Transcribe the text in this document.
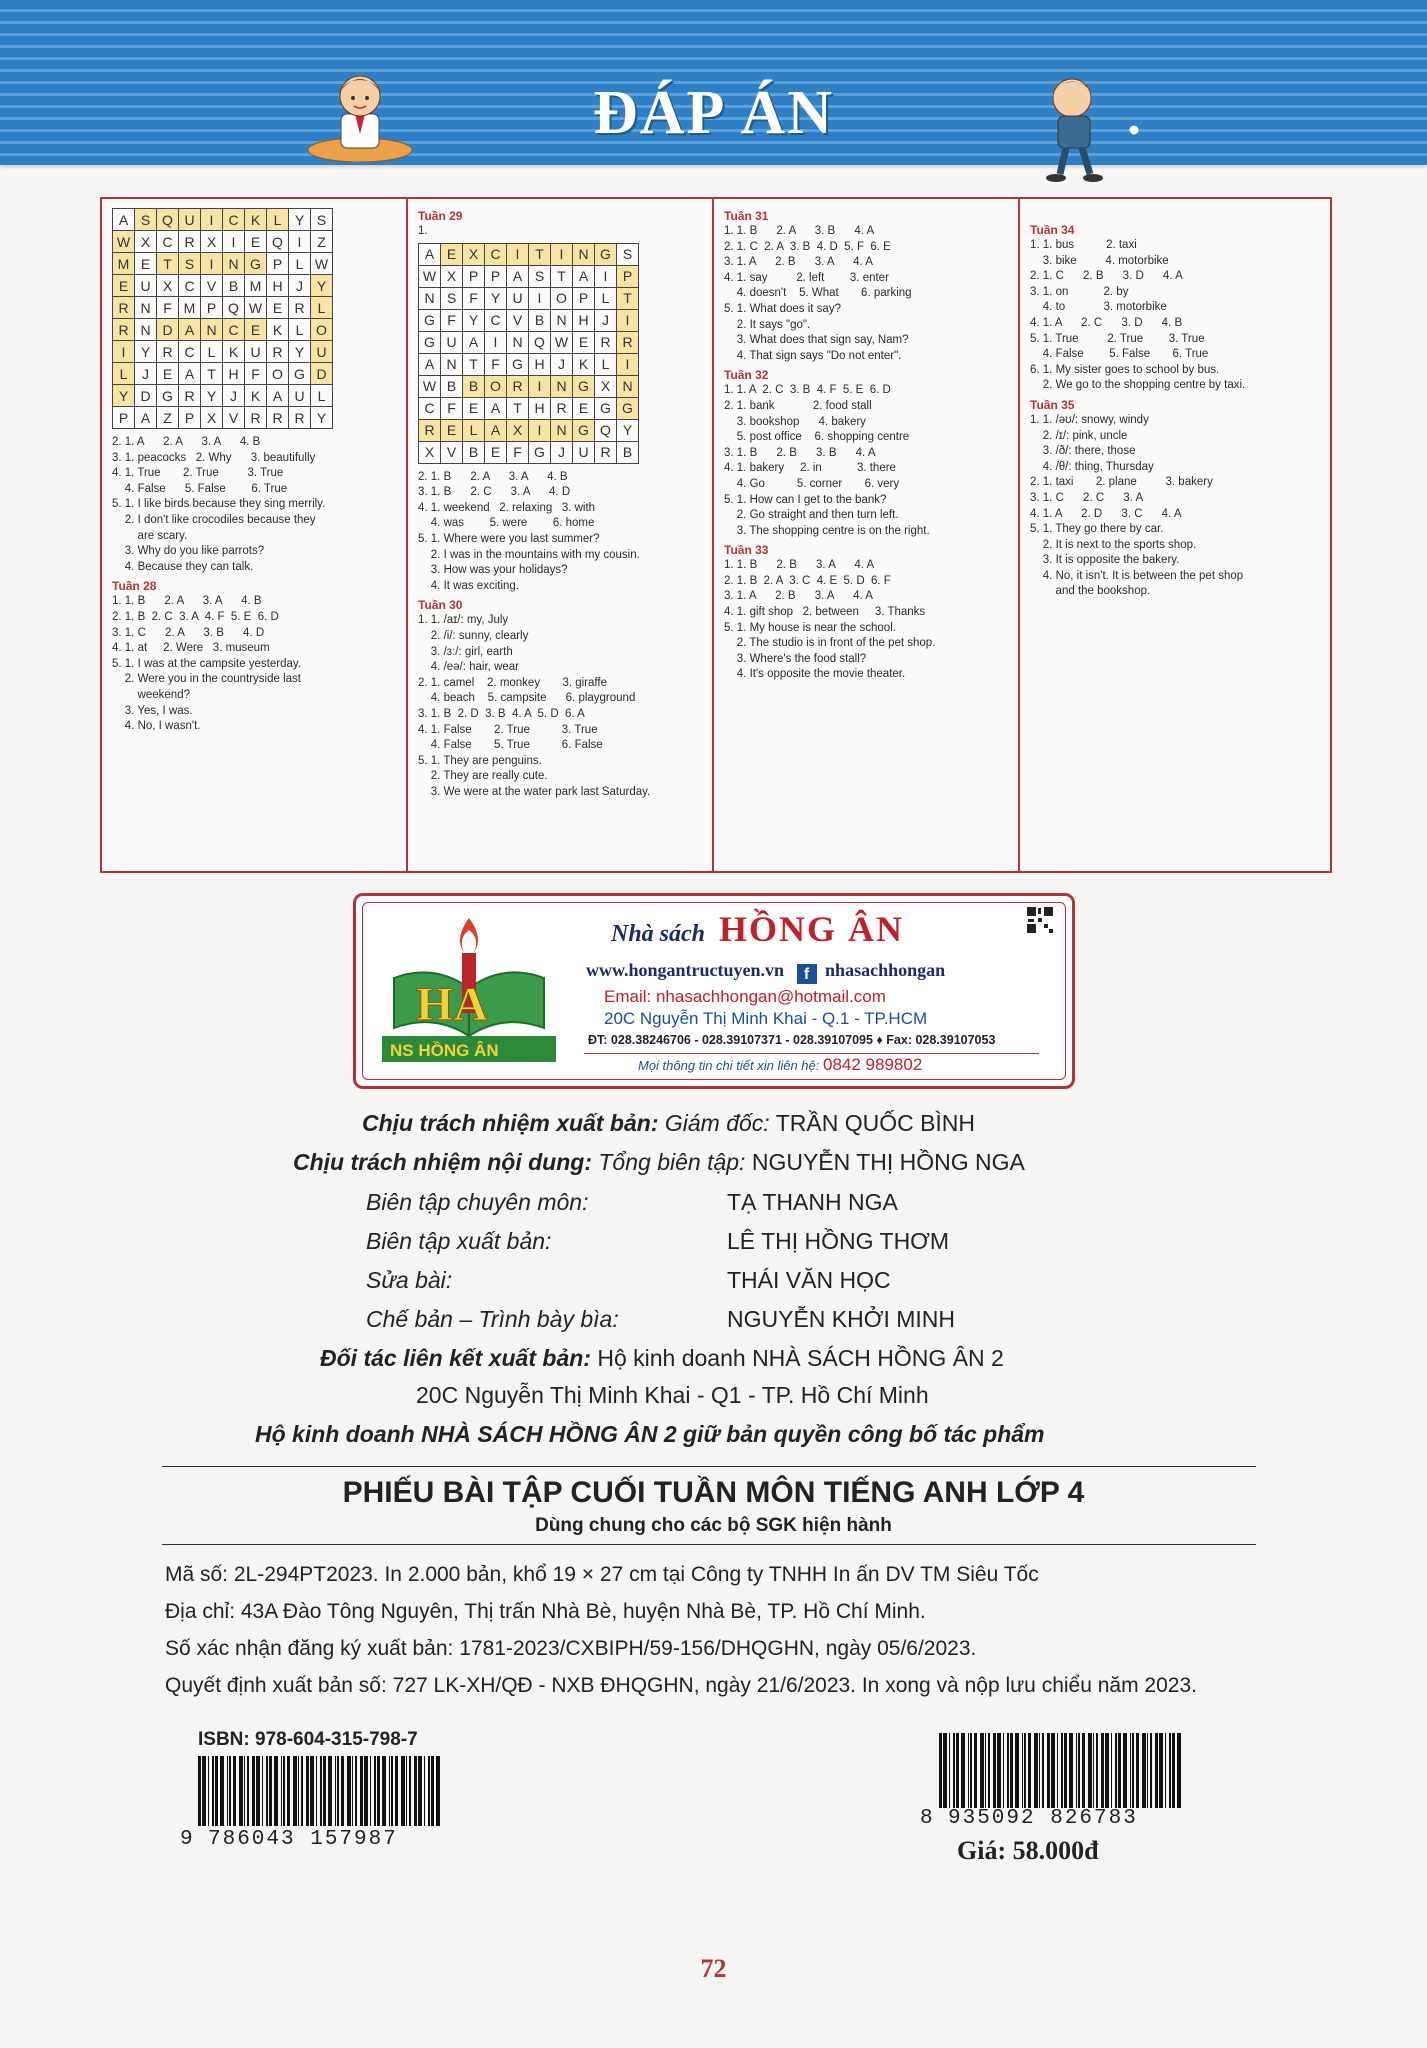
ĐÁP ÁN
A	S	Q	U	I	C	K	L	Y	S
W	X	C	R	X	I	E	Q	I	Z
M	E	T	S	I	N	G	P	L	W
E	U	X	C	V	B	M	H	J	Y
R	N	F	M	P	Q	W	E	R	L
R	N	D	A	N	C	E	K	L	O
I	Y	R	C	L	K	U	R	Y	U
L	J	E	A	T	H	F	O	G	D
Y	D	G	R	Y	J	K	A	U	L
P	A	Z	P	X	V	R	R	R	Y
2. 1. A      2. A      3. A      4. B
3. 1. peacocks   2. Why      3. beautifully
4. 1. True       2. True         3. True
4. False      5. False        6. True
5. 1. I like birds because they sing merrily.
2. I don't like crocodiles because they
are scary.
3. Why do you like parrots?
4. Because they can talk.
Tuần 28
1. 1. B      2. A      3. A      4. B
2. 1. B  2. C  3. A  4. F  5. E  6. D
3. 1. C      2. A      3. B      4. D
4. 1. at     2. Were   3. museum
5. 1. I was at the campsite yesterday.
2. Were you in the countryside last
weekend?
3. Yes, I was.
4. No, I wasn't.
Tuần 29
1.
A	E	X	C	I	T	I	N	G	S
W	X	P	P	A	S	T	A	I	P
N	S	F	Y	U	I	O	P	L	T
G	F	Y	C	V	B	N	H	J	I
G	U	A	I	N	Q	W	E	R	R
A	N	T	F	G	H	J	K	L	I
W	B	B	O	R	I	N	G	X	N
C	F	E	A	T	H	R	E	G	G
R	E	L	A	X	I	N	G	Q	Y
X	V	B	E	F	G	J	U	R	B
2. 1. B      2. A      3. A      4. B
3. 1. B      2. C      3. A      4. D
4. 1. weekend   2. relaxing   3. with
4. was        5. were        6. home
5. 1. Where were you last summer?
2. I was in the mountains with my cousin.
3. How was your holidays?
4. It was exciting.
Tuần 30
1. 1. /aɪ/: my, July
2. /i/: sunny, clearly
3. /ɜː/: girl, earth
4. /eə/: hair, wear
2. 1. camel    2. monkey       3. giraffe
4. beach    5. campsite      6. playground
3. 1. B  2. D  3. B  4. A  5. D  6. A
4. 1. False       2. True          3. True
4. False       5. True          6. False
5. 1. They are penguins.
2. They are really cute.
3. We were at the water park last Saturday.
Tuần 31
1. 1. B      2. A      3. B      4. A
2. 1. C  2. A  3. B  4. D  5. F  6. E
3. 1. A      2. B      3. A      4. A
4. 1. say         2. left        3. enter
4. doesn't    5. What       6. parking
5. 1. What does it say?
2. It says "go".
3. What does that sign say, Nam?
4. That sign says "Do not enter".
Tuần 32
1. 1. A  2. C  3. B  4. F  5. E  6. D
2. 1. bank            2. food stall
3. bookshop      4. bakery
5. post office    6. shopping centre
3. 1. B      2. B      3. B      4. A
4. 1. bakery     2. in           3. there
4. Go          5. corner       6. very
5. 1. How can I get to the bank?
2. Go straight and then turn left.
3. The shopping centre is on the right.
Tuần 33
1. 1. B      2. B      3. A      4. A
2. 1. B  2. A  3. C  4. E  5. D  6. F
3. 1. A      2. B      3. A      4. A
4. 1. gift shop   2. between     3. Thanks
5. 1. My house is near the school.
2. The studio is in front of the pet shop.
3. Where's the food stall?
4. It's opposite the movie theater.
Tuần 34
1. 1. bus          2. taxi
3. bike         4. motorbike
2. 1. C      2. B      3. D      4. A
3. 1. on           2. by
4. to            3. motorbike
4. 1. A      2. C      3. D      4. B
5. 1. True         2. True        3. True
4. False        5. False       6. True
6. 1. My sister goes to school by bus.
2. We go to the shopping centre by taxi.
Tuần 35
1. 1. /əʊ/: snowy, windy
2. /ɪ/: pink, uncle
3. /ð/: there, those
4. /θ/: thing, Thursday
2. 1. taxi       2. plane         3. bakery
3. 1. C      2. C      3. A
4. 1. A      2. D      3. C      4. A
5. 1. They go there by car.
2. It is next to the sports shop.
3. It is opposite the bakery.
4. No, it isn't. It is between the pet shop
and the bookshop.
HA
NS HỒNG ÂN
Nhà sách HỒNG ÂN
www.hongantructuyen.vn f nhasachhongan
Email: nhasachhongan@hotmail.com
20C Nguyễn Thị Minh Khai - Q.1 - TP.HCM
ĐT: 028.38246706 - 028.39107371 - 028.39107095 ♦ Fax: 028.39107053
Mọi thông tin chi tiết xin liên hệ: 0842 989802
Chịu trách nhiệm xuất bản: Giám đốc: TRẦN QUỐC BÌNH
Chịu trách nhiệm nội dung: Tổng biên tập: NGUYỄN THỊ HỒNG NGA
Biên tập chuyên môn:	TẠ THANH NGA
Biên tập xuất bản:	LÊ THỊ HỒNG THƠM
Sửa bài:	THÁI VĂN HỌC
Chế bản – Trình bày bìa:	NGUYỄN KHỞI MINH
Đối tác liên kết xuất bản: Hộ kinh doanh NHÀ SÁCH HỒNG ÂN 2
20C Nguyễn Thị Minh Khai - Q1 - TP. Hồ Chí Minh
Hộ kinh doanh NHÀ SÁCH HỒNG ÂN 2 giữ bản quyền công bố tác phẩm
PHIẾU BÀI TẬP CUỐI TUẦN MÔN TIẾNG ANH LỚP 4
Dùng chung cho các bộ SGK hiện hành
Mã số: 2L-294PT2023. In 2.000 bản, khổ 19 × 27 cm tại Công ty TNHH In ấn DV TM Siêu Tốc
Địa chỉ: 43A Đào Tông Nguyên, Thị trấn Nhà Bè, huyện Nhà Bè, TP. Hồ Chí Minh.
Số xác nhận đăng ký xuất bản: 1781-2023/CXBIPH/59-156/DHQGHN, ngày 05/6/2023.
Quyết định xuất bản số: 727 LK-XH/QĐ - NXB ĐHQGHN, ngày 21/6/2023. In xong và nộp lưu chiểu năm 2023.
ISBN: 978-604-315-798-7
9 786043 157987
8 935092 826783
Giá: 58.000đ
72
